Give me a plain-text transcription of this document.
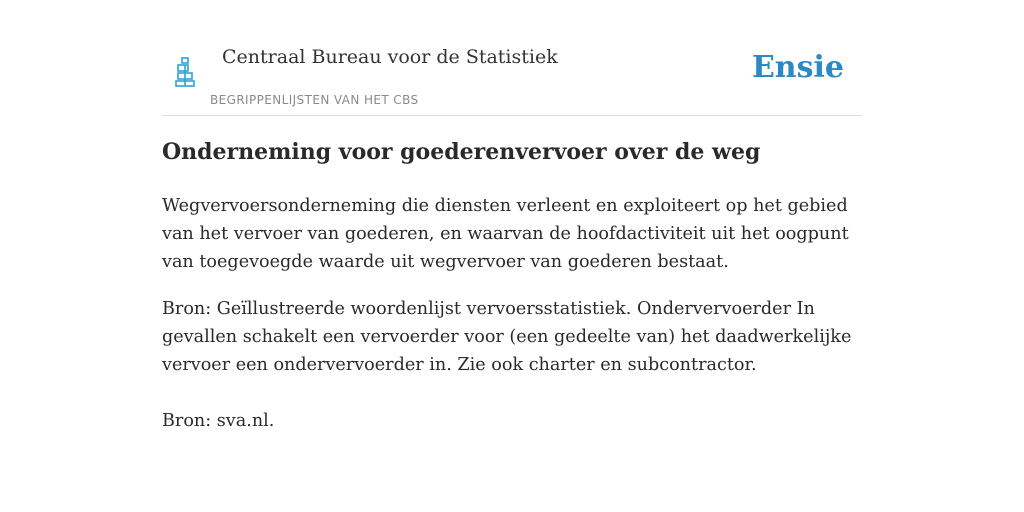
Centraal Bureau voor de Statistiek
BEGRIPPENLIJSTEN VAN HET CBS
Ensie
Onderneming voor goederenvervoer over de weg

Wegvervoersonderneming die diensten verleent en exploiteert op het gebied van het vervoer van goederen, en waarvan de hoofdactiviteit uit het oogpunt van toegevoegde waarde uit wegvervoer van goederen bestaat.

Bron: Geïllustreerde woordenlijst vervoersstatistiek. Ondervervoerder In gevallen schakelt een vervoerder voor (een gedeelte van) het daadwerkelijke vervoer een ondervervoerder in. Zie ook charter en subcontractor.

Bron: sva.nl.
